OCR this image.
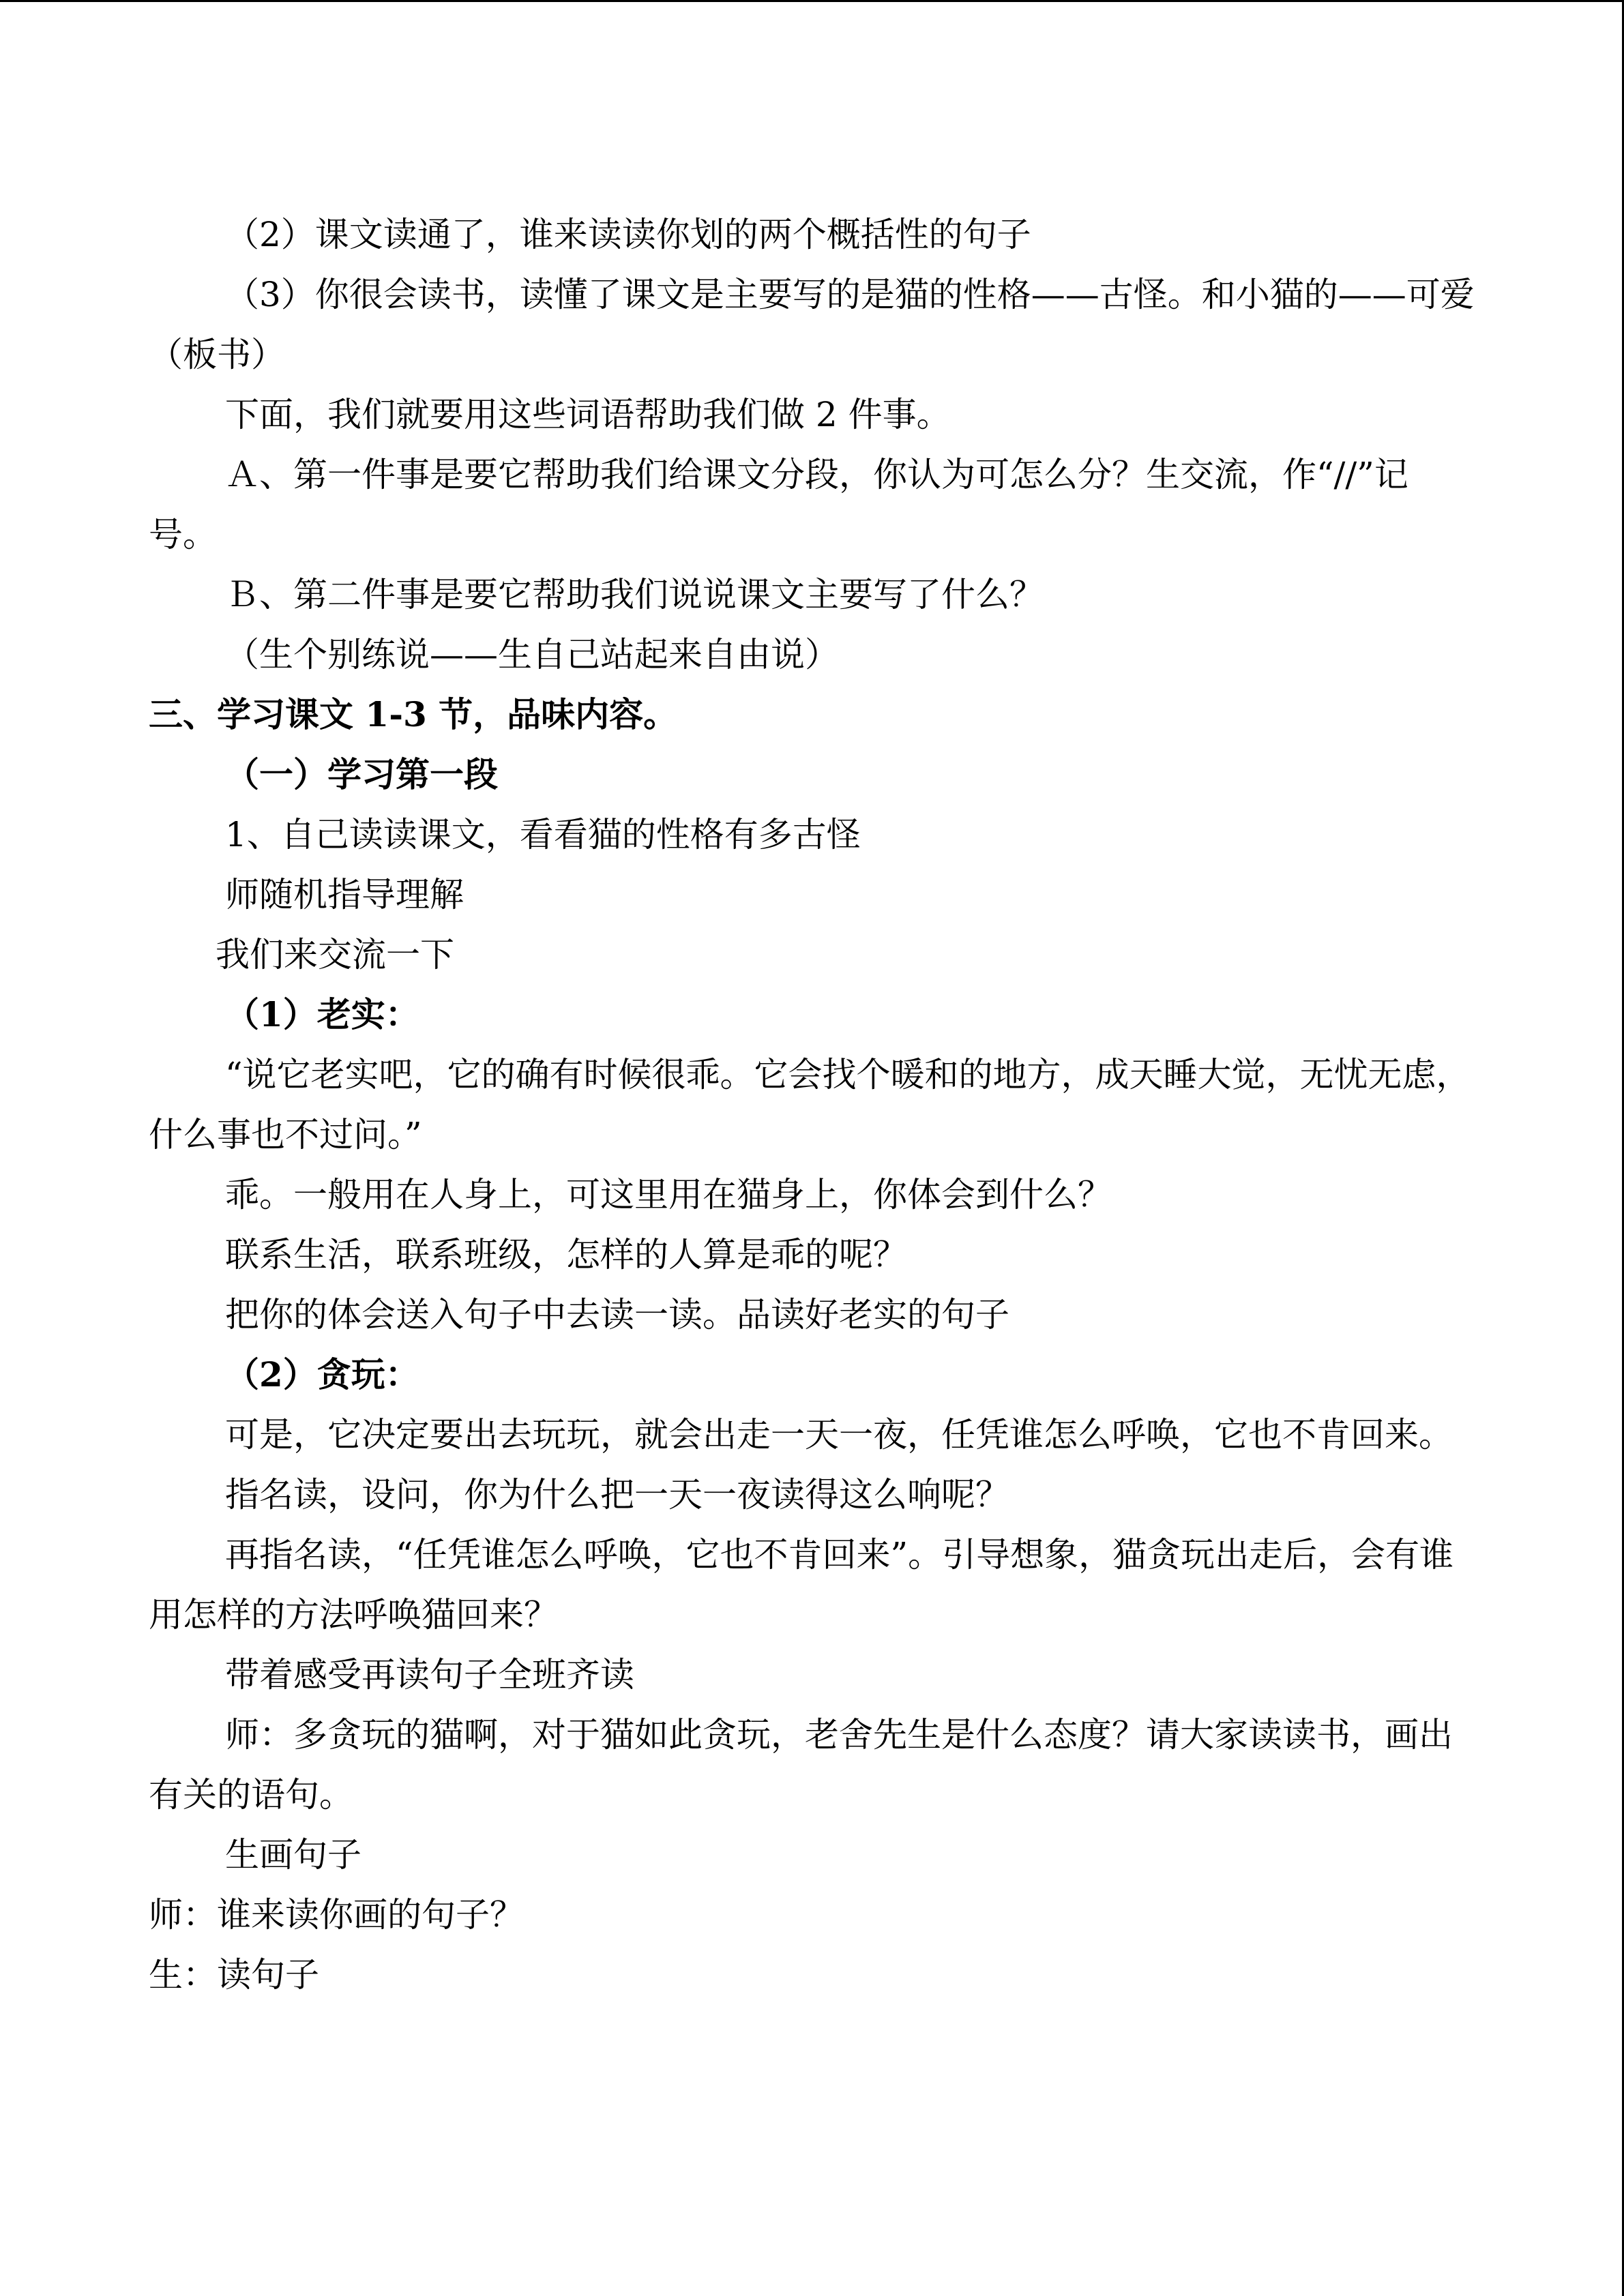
（2）课文读通了，谁来读读你划的两个概括性的句子

（3）你很会读书，读懂了课文是主要写的是猫的性格——古怪。和小猫的——可爱（板书）

下面，我们就要用这些词语帮助我们做 2 件事。

Ａ、第一件事是要它帮助我们给课文分段，你认为可怎么分？生交流，作“//”记号。

Ｂ、第二件事是要它帮助我们说说课文主要写了什么？

（生个别练说——生自己站起来自由说）

三、学习课文 1-3 节，品味内容。

（一）学习第一段

1、自己读读课文，看看猫的性格有多古怪

师随机指导理解

我们来交流一下

（1）老实：

“说它老实吧，它的确有时候很乖。它会找个暖和的地方，成天睡大觉，无忧无虑，什么事也不过问。”

乖。一般用在人身上，可这里用在猫身上，你体会到什么？

联系生活，联系班级，怎样的人算是乖的呢？

把你的体会送入句子中去读一读。品读好老实的句子

（2）贪玩：

可是，它决定要出去玩玩，就会出走一天一夜，任凭谁怎么呼唤，它也不肯回来。

指名读，设问，你为什么把一天一夜读得这么响呢？

再指名读，“任凭谁怎么呼唤，它也不肯回来”。引导想象，猫贪玩出走后，会有谁用怎样的方法呼唤猫回来？

带着感受再读句子全班齐读

师：多贪玩的猫啊，对于猫如此贪玩，老舍先生是什么态度？请大家读读书，画出有关的语句。

生画句子

师：谁来读你画的句子？

生：读句子
